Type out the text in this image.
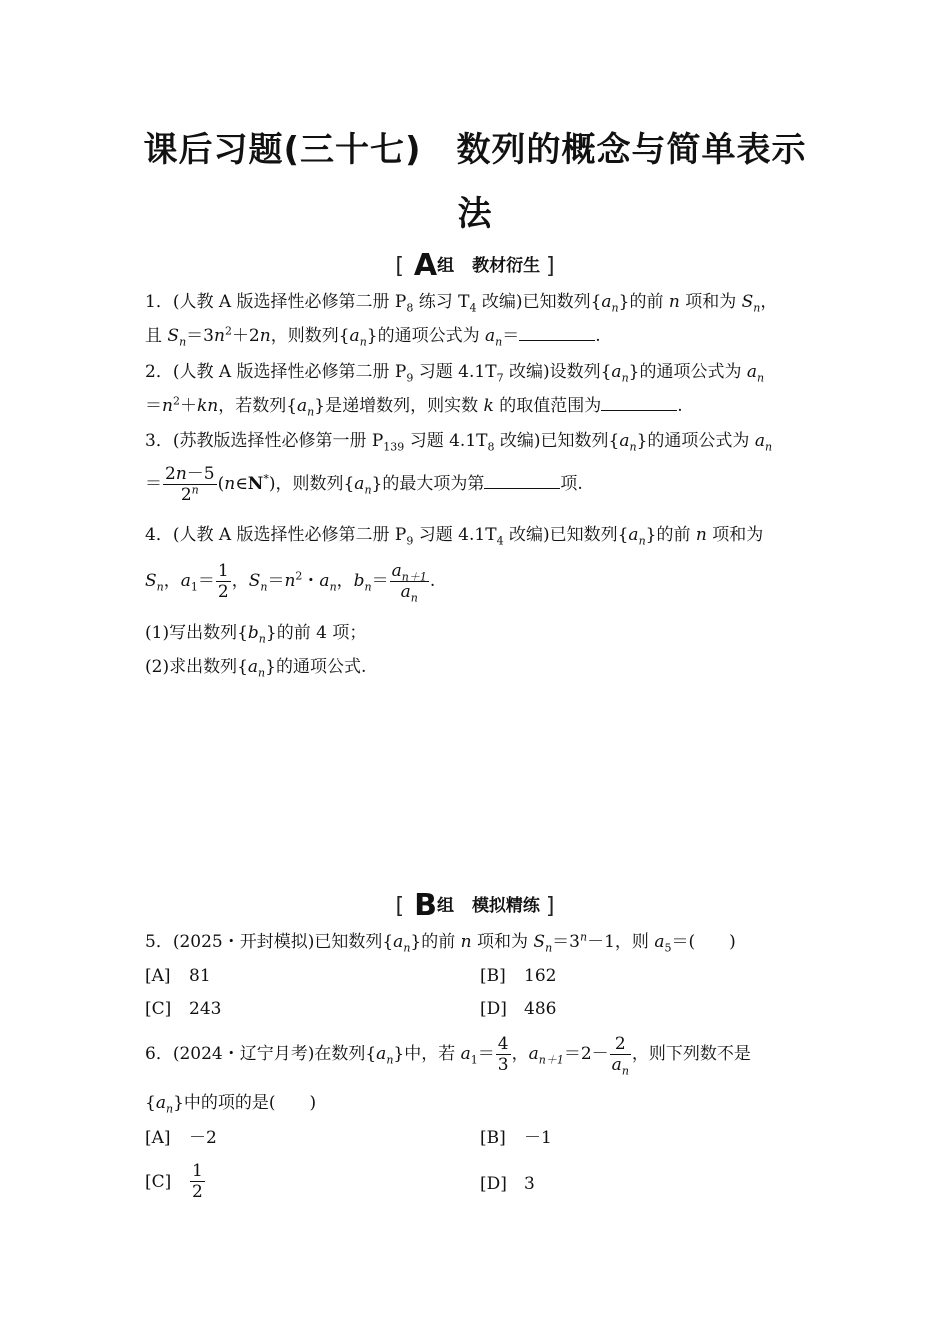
课后习题(三十七)　数列的概念与简单表示
法
[ A组 教材衍生 ]
1．(人教 A 版选择性必修第二册 $P_8$ 练习 $T_4$ 改编)已知数列$\{a_n\}$的前 n 项和为 $S_n$，
且 $S_n=3n^2+2n$，则数列$\{a_n\}$的通项公式为 $a_n=$	.
2．(人教 A 版选择性必修第二册 $P_9$ 习题 $4.1T_7$ 改编)设数列$\{a_n\}$的通项公式为 $a_n$
$=n^2+kn$，若数列$\{a_n\}$是递增数列，则实数 k 的取值范围为	.
3．(苏教版选择性必修第一册 $P_{139}$ 习题 $4.1T_8$ 改编)已知数列$\{a_n\}$的通项公式为 $a_n$
＝ $\frac{2n-5}{2^n}$ (n∈N*)，则数列$\{a_n\}$的最大项为第	项.
4．(人教 A 版选择性必修第二册 $P_9$ 习题 $4.1T_4$ 改编)已知数列$\{a_n\}$的前 n 项和为
$S_n$，$a_1= \frac{1}{2}$ ，$S_n=n^2$・$a_n$，$b_n= \frac{a_{n+1}}{a_n}$ .
(1)写出数列$\{b_n\}$的前 4 项；
(2)求出数列$\{a_n\}$的通项公式.
[ B组 模拟精练 ]
5．(2025・开封模拟)已知数列$\{a_n\}$的前 n 项和为 $S_n=3^n-1$，则 $a_5=$(　　)
[A] 81	[B] 162
[C] 243	[D] 486
6．(2024・辽宁月考)在数列$\{a_n\}$中，若 $a_1= \frac{4}{3}$ ，$a_{n+1}=2- \frac{2}{a_n}$ ，则下列数不是
$\{a_n\}$中的项的是(　　)
[A] －2	[B] －1
$[C] \frac{1}{2}$	[D] 3
